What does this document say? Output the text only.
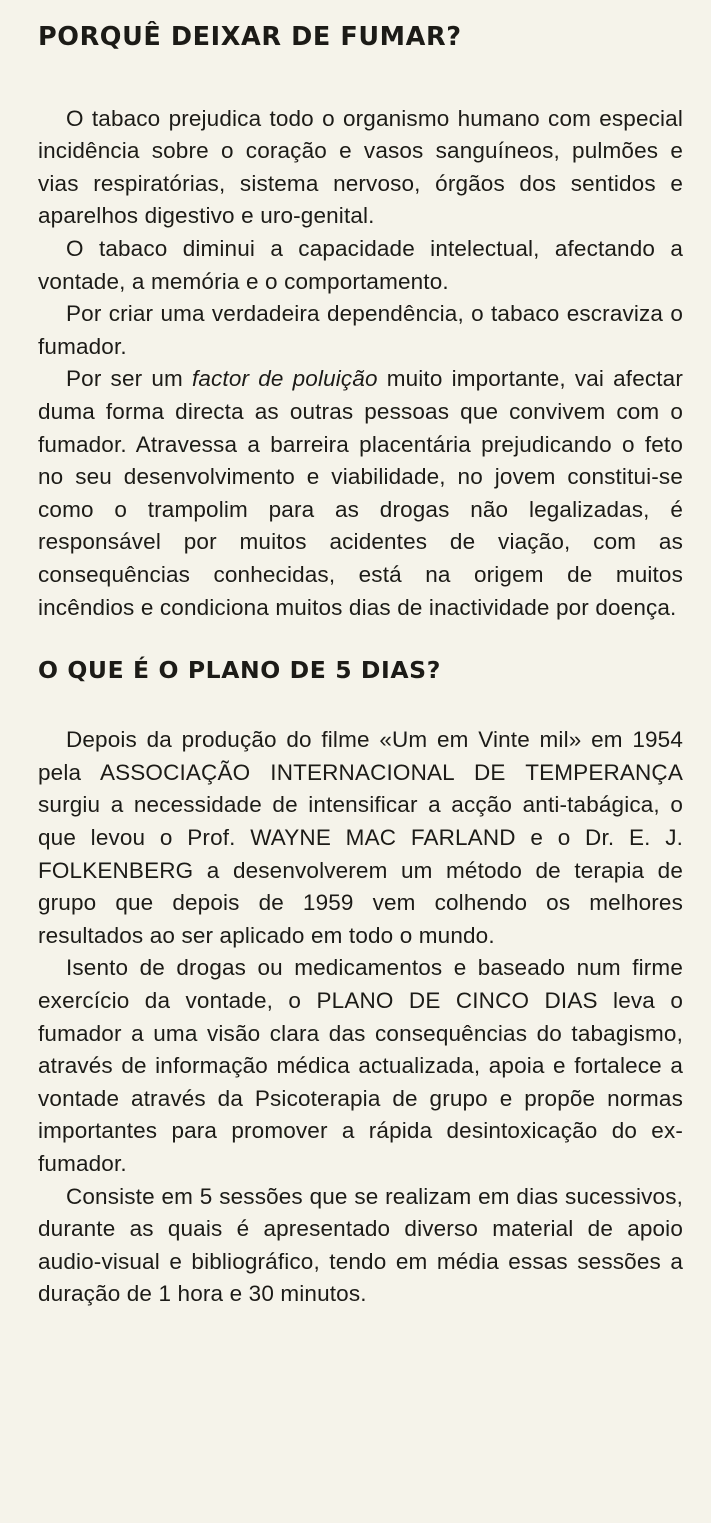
PORQUÊ DEIXAR DE FUMAR?

O tabaco prejudica todo o organismo humano com especial incidência sobre o coração e vasos sanguíneos, pulmões e vias respiratórias, sistema nervoso, órgãos dos sentidos e aparelhos digestivo e uro-genital.

O tabaco diminui a capacidade intelectual, afectando a vontade, a memória e o comportamento.

Por criar uma verdadeira dependência, o tabaco escraviza o fumador.

Por ser um factor de poluição muito importante, vai afectar duma forma directa as outras pessoas que convivem com o fumador. Atravessa a barreira placentária prejudicando o feto no seu desenvolvimento e viabilidade, no jovem constitui-se como o trampolim para as drogas não legalizadas, é responsável por muitos acidentes de viação, com as consequências conhecidas, está na origem de muitos incêndios e condiciona muitos dias de inactividade por doença.

O QUE É O PLANO DE 5 DIAS?

Depois da produção do filme «Um em Vinte mil» em 1954 pela ASSOCIAÇÃO INTERNACIONAL DE TEMPERANÇA surgiu a necessidade de intensificar a acção anti-tabágica, o que levou o Prof. WAYNE MAC FARLAND e o Dr. E. J. FOLKENBERG a desenvolverem um método de terapia de grupo que depois de 1959 vem colhendo os melhores resultados ao ser aplicado em todo o mundo.

Isento de drogas ou medicamentos e baseado num firme exercício da vontade, o PLANO DE CINCO DIAS leva o fumador a uma visão clara das consequências do tabagismo, através de informação médica actualizada, apoia e fortalece a vontade através da Psicoterapia de grupo e propõe normas importantes para promover a rápida desintoxicação do ex-fumador.

Consiste em 5 sessões que se realizam em dias sucessivos, durante as quais é apresentado diverso material de apoio audio-visual e bibliográfico, tendo em média essas sessões a duração de 1 hora e 30 minutos.
